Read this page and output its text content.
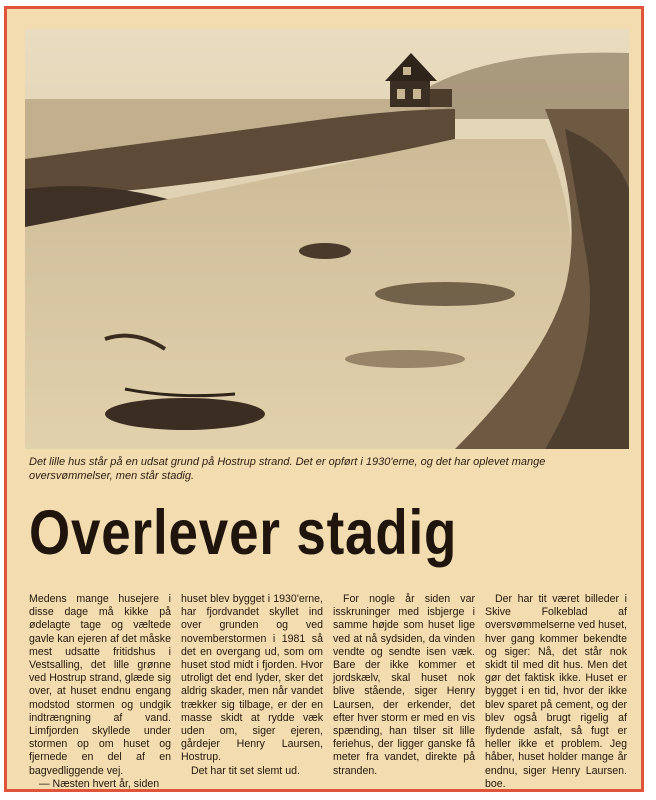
Det lille hus står på en udsat grund på Hostrup strand. Det er opført i 1930'erne, og det har oplevet mange oversvømmelser, men står stadig.

Overlever stadig

Medens mange husejere i disse dage må kikke på ødelagte tage og væltede gavle kan ejeren af det måske mest udsatte fritidshus i Vestsalling, det lille grønne ved Hostrup strand, glæde sig over, at huset endnu engang modstod stormen og undgik indtrængning af vand. Limfjorden skyllede under stormen op om huset og fjernede en del af en bagvedliggende vej.

— Næsten hvert år, siden

huset blev bygget i 1930'erne, har fjordvandet skyllet ind over grunden og ved novemberstormen i 1981 så det en overgang ud, som om huset stod midt i fjorden. Hvor utroligt det end lyder, sker det aldrig skader, men når vandet trækker sig tilbage, er der en masse skidt at rydde væk uden om, siger ejeren, gårdejer Henry Laursen, Hostrup.

Det har tit set slemt ud.

For nogle år siden var isskruninger med isbjerge i samme højde som huset lige ved at nå sydsiden, da vinden vendte og sendte isen væk. Bare der ikke kommer et jordskælv, skal huset nok blive stående, siger Henry Laursen, der erkender, det efter hver storm er med en vis spænding, han tilser sit lille feriehus, der ligger ganske få meter fra vandet, direkte på stranden.

Der har tit været billeder i Skive Folkeblad af oversvømmelserne ved huset, hver gang kommer bekendte og siger: Nå, det står nok skidt til med dit hus. Men det gør det faktisk ikke. Huset er bygget i en tid, hvor der ikke blev sparet på cement, og der blev også brugt rigelig af flydende asfalt, så fugt er heller ikke et problem. Jeg håber, huset holder mange år endnu, siger Henry Laursen. boe.
